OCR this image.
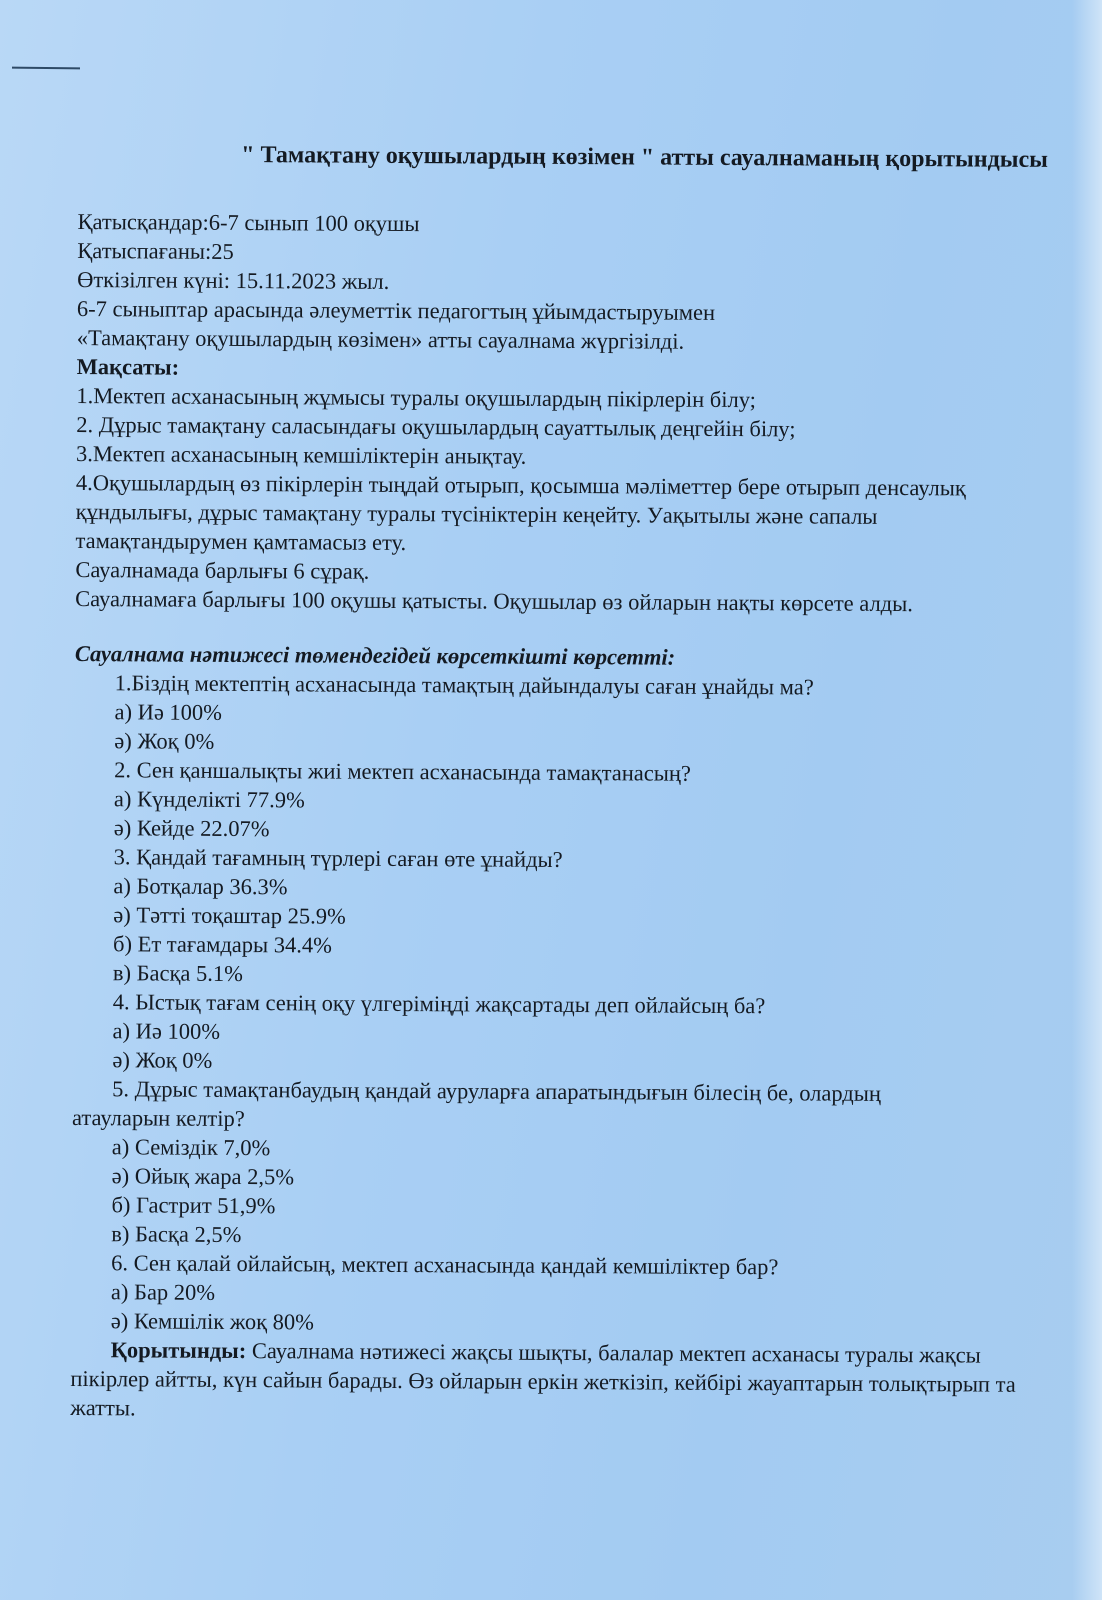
" Тамақтану оқушылардың көзімен " атты сауалнаманың қорытындысы
Қатысқандар:6-7 сынып 100 оқушы
Қатыспағаны:25
Өткізілген күні: 15.11.2023 жыл.
6-7 сыныптар арасында әлеуметтік педагогтың ұйымдастыруымен
«Тамақтану оқушылардың көзімен» атты сауалнама жүргізілді.
Мақсаты:
1.Мектеп асханасының жұмысы туралы оқушылардың пікірлерін білу;
2. Дұрыс тамақтану саласындағы оқушылардың сауаттылық деңгейін білу;
3.Мектеп асханасының кемшіліктерін анықтау.
4.Оқушылардың өз пікірлерін тыңдай отырып, қосымша мәліметтер бере отырып денсаулық құндылығы, дұрыс тамақтану туралы түсініктерін кеңейту. Уақытылы және сапалы тамақтандырумен қамтамасыз ету.
Сауалнамада барлығы 6 сұрақ.
Сауалнамаға барлығы 100 оқушы қатысты. Оқушылар өз ойларын нақты көрсете алды.
Сауалнама нәтижесі төмендегідей көрсеткішті көрсетті:
1.Біздің мектептің асханасында тамақтың дайындалуы саған ұнайды ма?
а) Иә 100%
ә) Жоқ 0%
2. Сен қаншалықты жиі мектеп асханасында тамақтанасың?
а) Күнделікті 77.9%
ә) Кейде 22.07%
3. Қандай тағамның түрлері саған өте ұнайды?
а) Ботқалар 36.3%
ә) Тәтті тоқаштар 25.9%
б) Ет тағамдары 34.4%
в) Басқа 5.1%
4. Ыстық тағам сенің оқу үлгеріміңді жақсартады деп ойлайсың ба?
а) Иә 100%
ә) Жоқ 0%
5. Дұрыс тамақтанбаудың қандай ауруларға апаратындығын білесің бе, олардың
атауларын келтір?
а) Семіздік 7,0%
ә) Ойық жара 2,5%
б) Гастрит 51,9%
в) Басқа 2,5%
6. Сен қалай ойлайсың, мектеп асханасында қандай кемшіліктер бар?
а) Бар 20%
ә) Кемшілік жоқ 80%
Қорытынды: Сауалнама нәтижесі жақсы шықты, балалар мектеп асханасы туралы жақсы пікірлер айтты, күн сайын барады. Өз ойларын еркін жеткізіп, кейбірі жауаптарын толықтырып та жатты.
